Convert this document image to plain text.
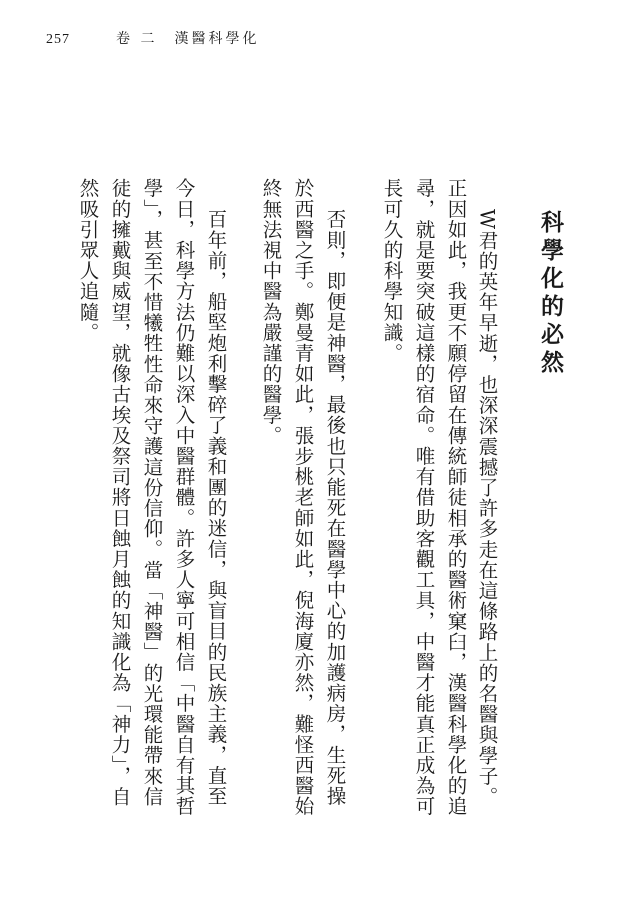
257	卷 二　漢醫科學化
科學化的必然
W君的英年早逝，也深深震撼了許多走在這條路上的名醫與學子。
正因如此，我更不願停留在傳統師徒相承的醫術窠臼，漢醫科學化的追
尋，就是要突破這樣的宿命。唯有借助客觀工具，中醫才能真正成為可
長可久的科學知識。
否則，即便是神醫，最後也只能死在醫學中心的加護病房，生死操
於西醫之手。鄭曼青如此，張步桃老師如此，倪海廈亦然，難怪西醫始
終無法視中醫為嚴謹的醫學。
百年前，船堅炮利擊碎了義和團的迷信，與盲目的民族主義，直至
今日，科學方法仍難以深入中醫群體。許多人寧可相信「中醫自有其哲
學」，甚至不惜犧牲性命來守護這份信仰。當「神醫」的光環能帶來信
徒的擁戴與威望，就像古埃及祭司將日蝕月蝕的知識化為「神力」，自
然吸引眾人追隨。
